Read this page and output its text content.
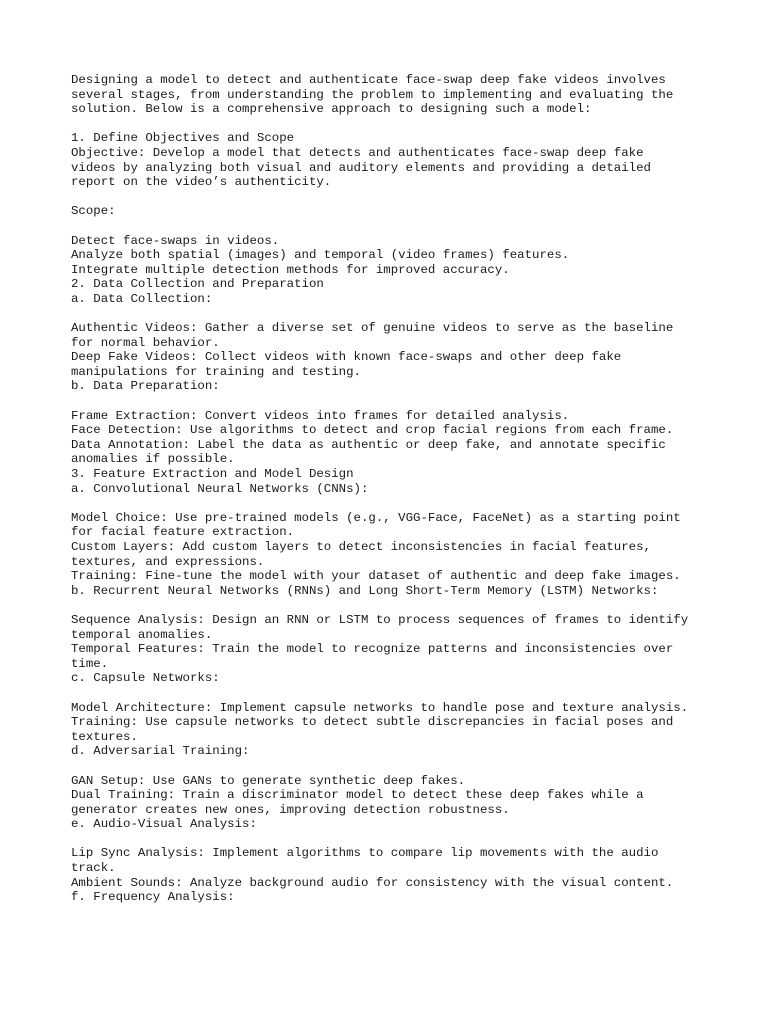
Designing a model to detect and authenticate face-swap deep fake videos involves
several stages, from understanding the problem to implementing and evaluating the
solution. Below is a comprehensive approach to designing such a model:
1. Define Objectives and Scope
Objective: Develop a model that detects and authenticates face-swap deep fake
videos by analyzing both visual and auditory elements and providing a detailed
report on the video’s authenticity.
Scope:
Detect face-swaps in videos.
Analyze both spatial (images) and temporal (video frames) features.
Integrate multiple detection methods for improved accuracy.
2. Data Collection and Preparation
a. Data Collection:
Authentic Videos: Gather a diverse set of genuine videos to serve as the baseline
for normal behavior.
Deep Fake Videos: Collect videos with known face-swaps and other deep fake
manipulations for training and testing.
b. Data Preparation:
Frame Extraction: Convert videos into frames for detailed analysis.
Face Detection: Use algorithms to detect and crop facial regions from each frame.
Data Annotation: Label the data as authentic or deep fake, and annotate specific
anomalies if possible.
3. Feature Extraction and Model Design
a. Convolutional Neural Networks (CNNs):
Model Choice: Use pre-trained models (e.g., VGG-Face, FaceNet) as a starting point
for facial feature extraction.
Custom Layers: Add custom layers to detect inconsistencies in facial features,
textures, and expressions.
Training: Fine-tune the model with your dataset of authentic and deep fake images.
b. Recurrent Neural Networks (RNNs) and Long Short-Term Memory (LSTM) Networks:
Sequence Analysis: Design an RNN or LSTM to process sequences of frames to identify
temporal anomalies.
Temporal Features: Train the model to recognize patterns and inconsistencies over
time.
c. Capsule Networks:
Model Architecture: Implement capsule networks to handle pose and texture analysis.
Training: Use capsule networks to detect subtle discrepancies in facial poses and
textures.
d. Adversarial Training:
GAN Setup: Use GANs to generate synthetic deep fakes.
Dual Training: Train a discriminator model to detect these deep fakes while a
generator creates new ones, improving detection robustness.
e. Audio-Visual Analysis:
Lip Sync Analysis: Implement algorithms to compare lip movements with the audio
track.
Ambient Sounds: Analyze background audio for consistency with the visual content.
f. Frequency Analysis:
